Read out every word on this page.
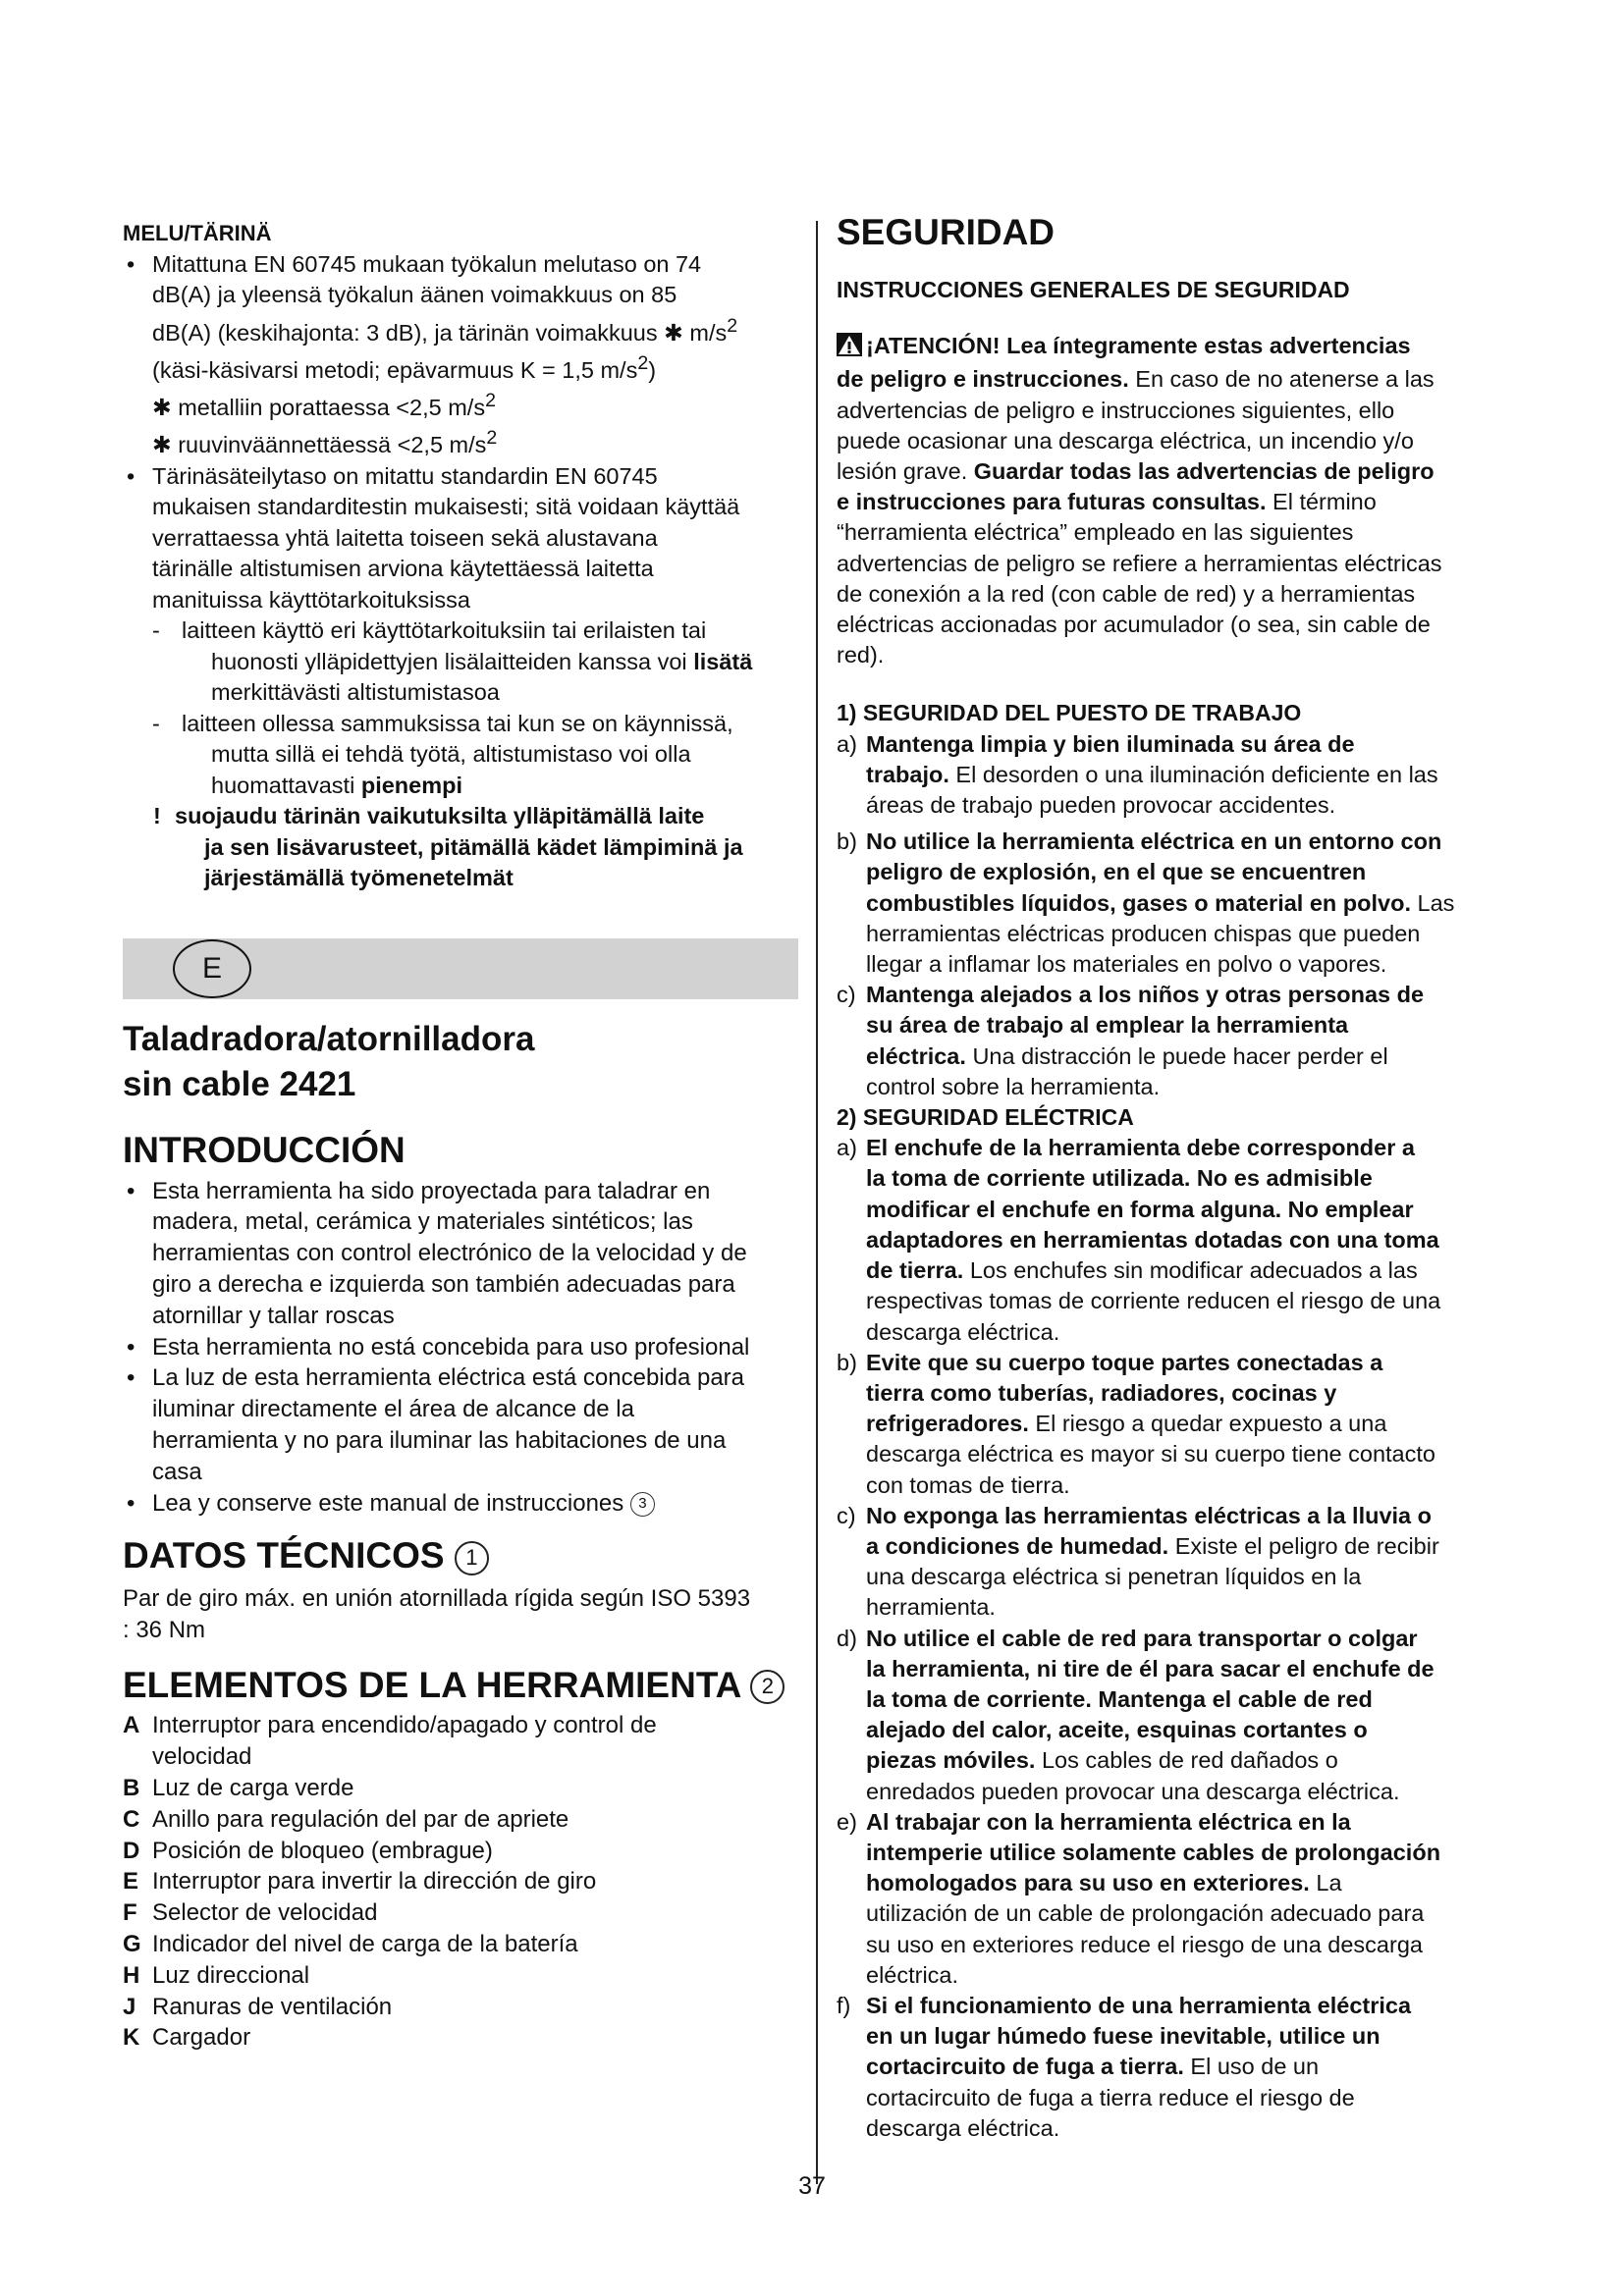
MELU/TÄRINÄ
• Mitattuna EN 60745 mukaan työkalun melutaso on 74
dB(A) ja yleensä työkalun äänen voimakkuus on 85
dB(A) (keskihajonta: 3 dB), ja tärinän voimakkuus ✱ $m/s^2$
(käsi-käsivarsi metodi; epävarmuus K = 1,5 $m/s^2$)
✱ metalliin porattaessa <2,5 $m/s^2$
✱ ruuvinväännettäessä <2,5 $m/s^2$
• Tärinäsäteilytaso on mitattu standardin EN 60745
mukaisen standarditestin mukaisesti; sitä voidaan käyttää
verrattaessa yhtä laitetta toiseen sekä alustavana
tärinälle altistumisen arviona käytettäessä laitetta
manituissa käyttötarkoituksissa
- laitteen käyttö eri käyttötarkoituksiin tai erilaisten tai
huonosti ylläpidettyjen lisälaitteiden kanssa voi lisätä
merkittävästi altistumistasoa
- laitteen ollessa sammuksissa tai kun se on käynnissä,
mutta sillä ei tehdä työtä, altistumistaso voi olla
huomattavasti pienempi
! suojaudu tärinän vaikutuksilta ylläpitämällä laite
ja sen lisävarusteet, pitämällä kädet lämpiminä ja
järjestämällä työmenetelmät
E
Taladradora/atornilladora
sin cable 2421
INTRODUCCIÓN
• Esta herramienta ha sido proyectada para taladrar en
madera, metal, cerámica y materiales sintéticos; las
herramientas con control electrónico de la velocidad y de
giro a derecha e izquierda son también adecuadas para
atornillar y tallar roscas
• Esta herramienta no está concebida para uso profesional
• La luz de esta herramienta eléctrica está concebida para
iluminar directamente el área de alcance de la
herramienta y no para iluminar las habitaciones de una
casa
• Lea y conserve este manual de instrucciones 3
DATOS TÉCNICOS 1
Par de giro máx. en unión atornillada rígida según ISO 5393
: 36 Nm
ELEMENTOS DE LA HERRAMIENTA 2
A Interruptor para encendido/apagado y control de
velocidad
B Luz de carga verde
C Anillo para regulación del par de apriete
D Posición de bloqueo (embrague)
E Interruptor para invertir la dirección de giro
F Selector de velocidad
G Indicador del nivel de carga de la batería
H Luz direccional
J Ranuras de ventilación
K Cargador
SEGURIDAD
INSTRUCCIONES GENERALES DE SEGURIDAD
¡ATENCIÓN! Lea íntegramente estas advertencias
de peligro e instrucciones. En caso de no atenerse a las
advertencias de peligro e instrucciones siguientes, ello
puede ocasionar una descarga eléctrica, un incendio y/o
lesión grave. Guardar todas las advertencias de peligro
e instrucciones para futuras consultas. El término
“herramienta eléctrica” empleado en las siguientes
advertencias de peligro se refiere a herramientas eléctricas
de conexión a la red (con cable de red) y a herramientas
eléctricas accionadas por acumulador (o sea, sin cable de
red).
1) SEGURIDAD DEL PUESTO DE TRABAJO
a) Mantenga limpia y bien iluminada su área de
trabajo. El desorden o una iluminación deficiente en las
áreas de trabajo pueden provocar accidentes.
b) No utilice la herramienta eléctrica en un entorno con
peligro de explosión, en el que se encuentren
combustibles líquidos, gases o material en polvo. Las
herramientas eléctricas producen chispas que pueden
llegar a inflamar los materiales en polvo o vapores.
c) Mantenga alejados a los niños y otras personas de
su área de trabajo al emplear la herramienta
eléctrica. Una distracción le puede hacer perder el
control sobre la herramienta.
2) SEGURIDAD ELÉCTRICA
a) El enchufe de la herramienta debe corresponder a
la toma de corriente utilizada. No es admisible
modificar el enchufe en forma alguna. No emplear
adaptadores en herramientas dotadas con una toma
de tierra. Los enchufes sin modificar adecuados a las
respectivas tomas de corriente reducen el riesgo de una
descarga eléctrica.
b) Evite que su cuerpo toque partes conectadas a
tierra como tuberías, radiadores, cocinas y
refrigeradores. El riesgo a quedar expuesto a una
descarga eléctrica es mayor si su cuerpo tiene contacto
con tomas de tierra.
c) No exponga las herramientas eléctricas a la lluvia o
a condiciones de humedad. Existe el peligro de recibir
una descarga eléctrica si penetran líquidos en la
herramienta.
d) No utilice el cable de red para transportar o colgar
la herramienta, ni tire de él para sacar el enchufe de
la toma de corriente. Mantenga el cable de red
alejado del calor, aceite, esquinas cortantes o
piezas móviles. Los cables de red dañados o
enredados pueden provocar una descarga eléctrica.
e) Al trabajar con la herramienta eléctrica en la
intemperie utilice solamente cables de prolongación
homologados para su uso en exteriores. La
utilización de un cable de prolongación adecuado para
su uso en exteriores reduce el riesgo de una descarga
eléctrica.
f) Si el funcionamiento de una herramienta eléctrica
en un lugar húmedo fuese inevitable, utilice un
cortacircuito de fuga a tierra. El uso de un
cortacircuito de fuga a tierra reduce el riesgo de
descarga eléctrica.
37
